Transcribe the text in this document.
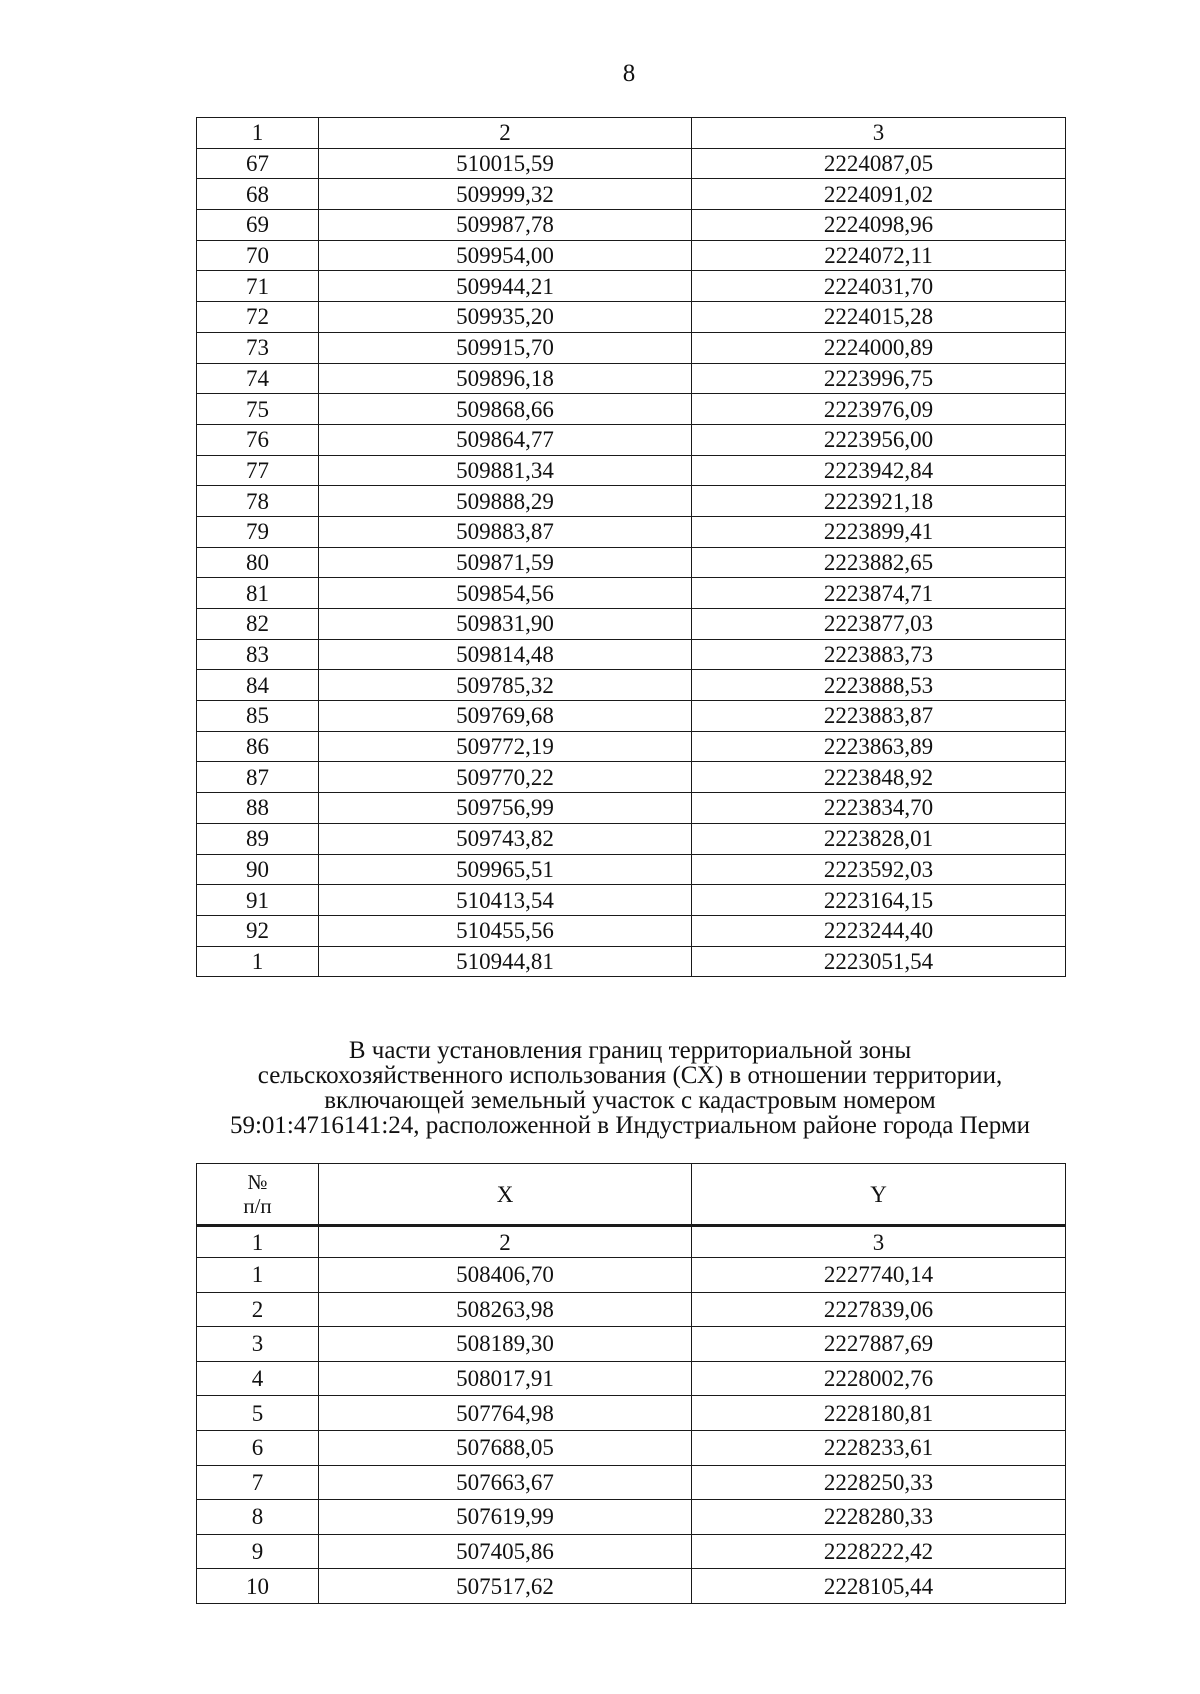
8
1	2	3
67	510015,59	2224087,05
68	509999,32	2224091,02
69	509987,78	2224098,96
70	509954,00	2224072,11
71	509944,21	2224031,70
72	509935,20	2224015,28
73	509915,70	2224000,89
74	509896,18	2223996,75
75	509868,66	2223976,09
76	509864,77	2223956,00
77	509881,34	2223942,84
78	509888,29	2223921,18
79	509883,87	2223899,41
80	509871,59	2223882,65
81	509854,56	2223874,71
82	509831,90	2223877,03
83	509814,48	2223883,73
84	509785,32	2223888,53
85	509769,68	2223883,87
86	509772,19	2223863,89
87	509770,22	2223848,92
88	509756,99	2223834,70
89	509743,82	2223828,01
90	509965,51	2223592,03
91	510413,54	2223164,15
92	510455,56	2223244,40
1	510944,81	2223051,54
В части установления границ территориальной зоны
сельскохозяйственного использования (СХ) в отношении территории,
включающей земельный участок с кадастровым номером
59:01:4716141:24, расположенной в Индустриальном районе города Перми
№
п/п	X	Y
1	2	3
1	508406,70	2227740,14
2	508263,98	2227839,06
3	508189,30	2227887,69
4	508017,91	2228002,76
5	507764,98	2228180,81
6	507688,05	2228233,61
7	507663,67	2228250,33
8	507619,99	2228280,33
9	507405,86	2228222,42
10	507517,62	2228105,44
